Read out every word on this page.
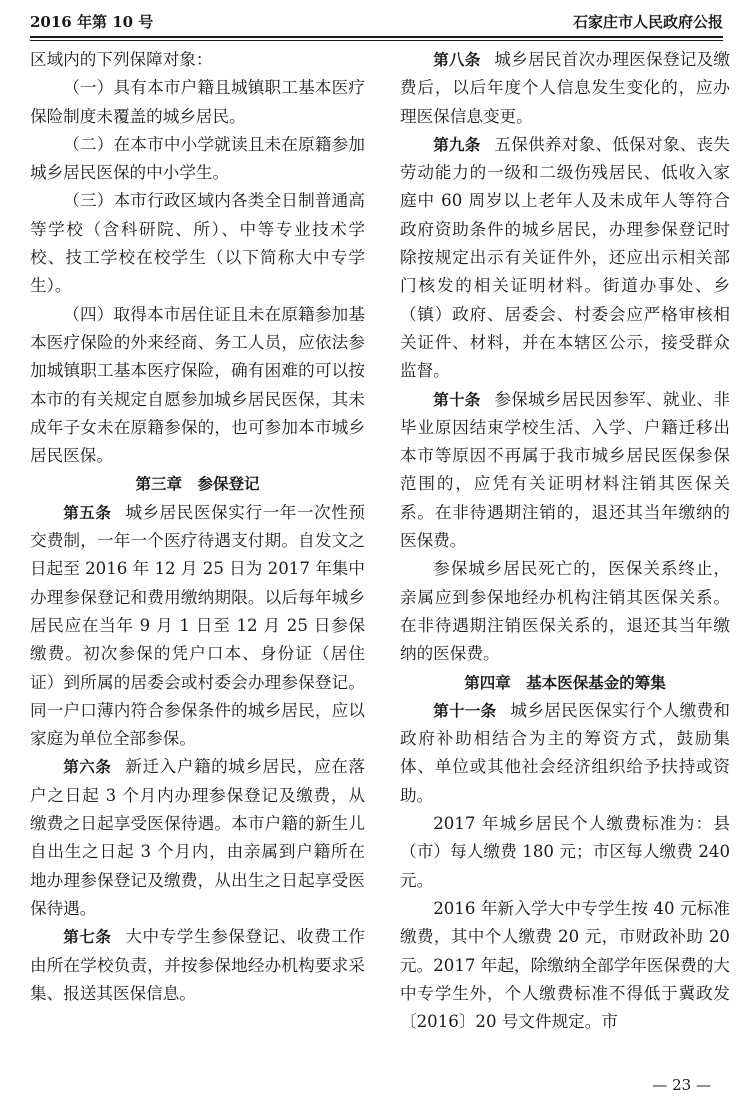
2016 年第 10 号	石家庄市人民政府公报

区域内的下列保障对象：

（一）具有本市户籍且城镇职工基本医疗保险制度未覆盖的城乡居民。

（二）在本市中小学就读且未在原籍参加城乡居民医保的中小学生。

（三）本市行政区域内各类全日制普通高等学校（含科研院、所）、中等专业技术学校、技工学校在校学生（以下简称大中专学生）。

（四）取得本市居住证且未在原籍参加基本医疗保险的外来经商、务工人员，应依法参加城镇职工基本医疗保险，确有困难的可以按本市的有关规定自愿参加城乡居民医保，其未成年子女未在原籍参保的，也可参加本市城乡居民医保。

第三章　参保登记

第五条 城乡居民医保实行一年一次性预交费制，一年一个医疗待遇支付期。自发文之日起至 2016 年 12 月 25 日为 2017 年集中办理参保登记和费用缴纳期限。以后每年城乡居民应在当年 9 月 1 日至 12 月 25 日参保缴费。初次参保的凭户口本、身份证（居住证）到所属的居委会或村委会办理参保登记。同一户口薄内符合参保条件的城乡居民，应以家庭为单位全部参保。

第六条 新迁入户籍的城乡居民，应在落户之日起 3 个月内办理参保登记及缴费，从缴费之日起享受医保待遇。本市户籍的新生儿自出生之日起 3 个月内，由亲属到户籍所在地办理参保登记及缴费，从出生之日起享受医保待遇。

第七条 大中专学生参保登记、收费工作由所在学校负责，并按参保地经办机构要求采集、报送其医保信息。

第八条 城乡居民首次办理医保登记及缴费后，以后年度个人信息发生变化的，应办理医保信息变更。

第九条 五保供养对象、低保对象、丧失劳动能力的一级和二级伤残居民、低收入家庭中 60 周岁以上老年人及未成年人等符合政府资助条件的城乡居民，办理参保登记时除按规定出示有关证件外，还应出示相关部门核发的相关证明材料。街道办事处、乡（镇）政府、居委会、村委会应严格审核相关证件、材料，并在本辖区公示，接受群众监督。

第十条 参保城乡居民因参军、就业、非毕业原因结束学校生活、入学、户籍迁移出本市等原因不再属于我市城乡居民医保参保范围的，应凭有关证明材料注销其医保关系。在非待遇期注销的，退还其当年缴纳的医保费。

参保城乡居民死亡的，医保关系终止，亲属应到参保地经办机构注销其医保关系。在非待遇期注销医保关系的，退还其当年缴纳的医保费。

第四章　基本医保基金的筹集

第十一条 城乡居民医保实行个人缴费和政府补助相结合为主的筹资方式，鼓励集体、单位或其他社会经济组织给予扶持或资助。

2017 年城乡居民个人缴费标准为：县（市）每人缴费 180 元；市区每人缴费 240 元。

2016 年新入学大中专学生按 40 元标准缴费，其中个人缴费 20 元，市财政补助 20 元。2017 年起，除缴纳全部学年医保费的大中专学生外，个人缴费标准不得低于冀政发〔2016〕20 号文件规定。市

— 23 —
